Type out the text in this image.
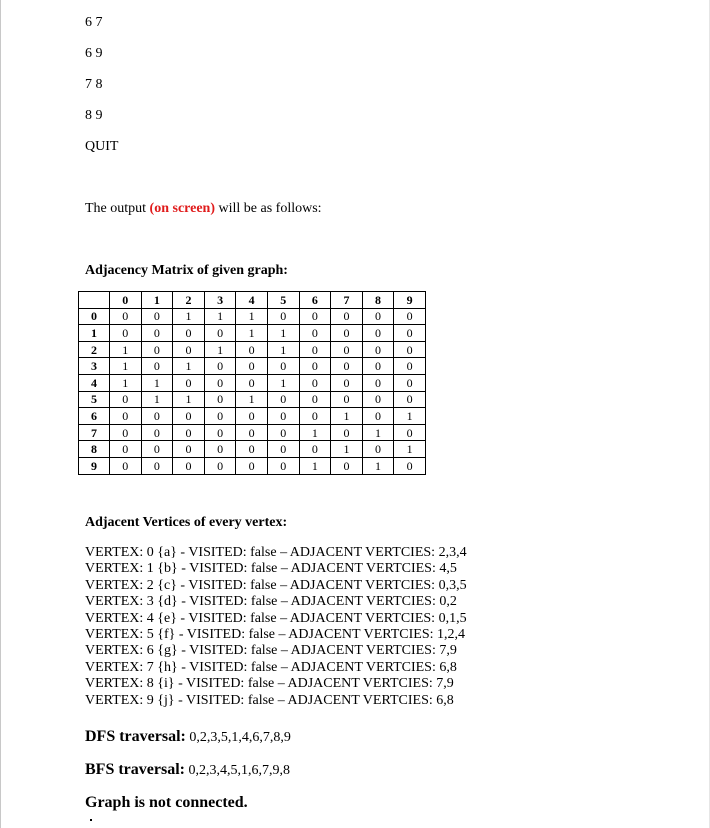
6 7
6 9
7 8
8 9
QUIT
The output (on screen) will be as follows:
Adjacency Matrix of given graph:
	0	1	2	3	4	5	6	7	8	9
0	0	0	1	1	1	0	0	0	0	0
1	0	0	0	0	1	1	0	0	0	0
2	1	0	0	1	0	1	0	0	0	0
3	1	0	1	0	0	0	0	0	0	0
4	1	1	0	0	0	1	0	0	0	0
5	0	1	1	0	1	0	0	0	0	0
6	0	0	0	0	0	0	0	1	0	1
7	0	0	0	0	0	0	1	0	1	0
8	0	0	0	0	0	0	0	1	0	1
9	0	0	0	0	0	0	1	0	1	0
Adjacent Vertices of every vertex:
VERTEX: 0 {a} - VISITED: false – ADJACENT VERTCIES: 2,3,4
VERTEX: 1 {b} - VISITED: false – ADJACENT VERTCIES: 4,5
VERTEX: 2 {c} - VISITED: false – ADJACENT VERTCIES: 0,3,5
VERTEX: 3 {d} - VISITED: false – ADJACENT VERTCIES: 0,2
VERTEX: 4 {e} - VISITED: false – ADJACENT VERTCIES: 0,1,5
VERTEX: 5 {f} - VISITED: false – ADJACENT VERTCIES: 1,2,4
VERTEX: 6 {g} - VISITED: false – ADJACENT VERTCIES: 7,9
VERTEX: 7 {h} - VISITED: false – ADJACENT VERTCIES: 6,8
VERTEX: 8 {i} - VISITED: false – ADJACENT VERTCIES: 7,9
VERTEX: 9 {j} - VISITED: false – ADJACENT VERTCIES: 6,8
DFS traversal: 0,2,3,5,1,4,6,7,8,9
BFS traversal: 0,2,3,4,5,1,6,7,9,8
Graph is not connected.
